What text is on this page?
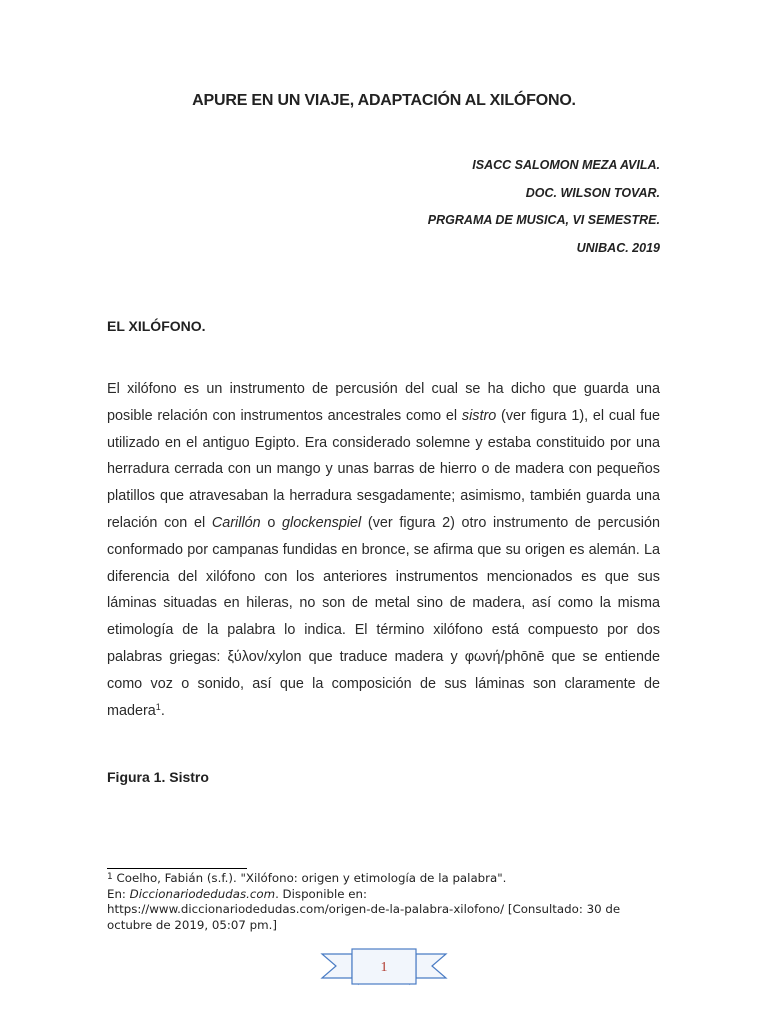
APURE EN UN VIAJE, ADAPTACIÓN AL XILÓFONO.
ISACC SALOMON MEZA AVILA.
DOC. WILSON TOVAR.
PRGRAMA DE MUSICA, VI SEMESTRE.
UNIBAC. 2019
EL XILÓFONO.

El xilófono es un instrumento de percusión del cual se ha dicho que guarda una posible relación con instrumentos ancestrales como el sistro (ver figura 1), el cual fue utilizado en el antiguo Egipto. Era considerado solemne y estaba constituido por una herradura cerrada con un mango y unas barras de hierro o de madera con pequeños platillos que atravesaban la herradura sesgadamente; asimismo, también guarda una relación con el Carillón o glockenspiel (ver figura 2) otro instrumento de percusión conformado por campanas fundidas en bronce, se afirma que su origen es alemán. La diferencia del xilófono con los anteriores instrumentos mencionados es que sus láminas situadas en hileras, no son de metal sino de madera, así como la misma etimología de la palabra lo indica. El término xilófono está compuesto por dos palabras griegas: ξύλον/xylon que traduce madera y φωνή/phōnē que se entiende como voz o sonido, así que la composición de sus láminas son claramente de madera$^1$.

Figura 1. Sistro
$^1$ Coelho, Fabián (s.f.). "Xilófono: origen y etimología de la palabra".
En: Diccionariodedudas.com. Disponible en:
https://www.diccionariodedudas.com/origen-de-la-palabra-xilofono/ [Consultado: 30 de octubre de 2019, 05:07 pm.]
1
